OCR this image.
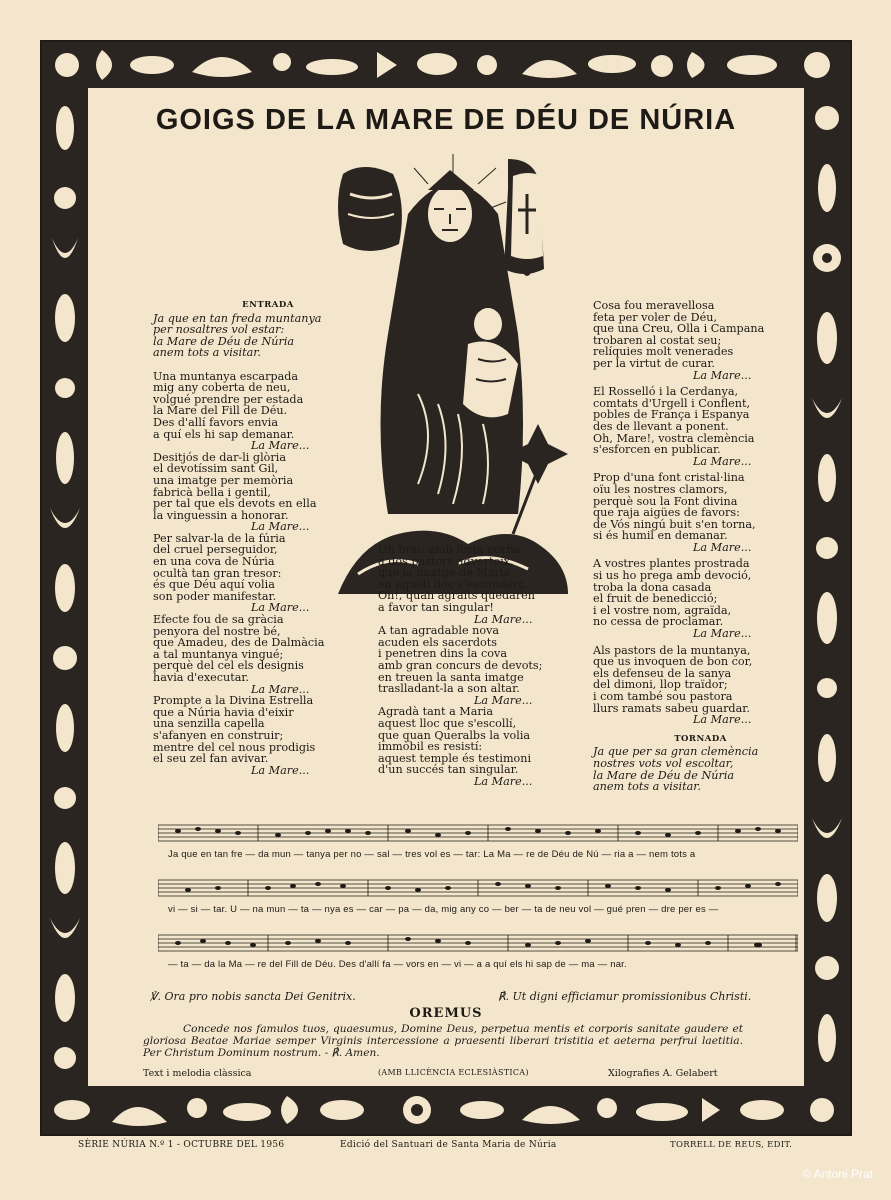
GOIGS DE LA MARE DE DÉU DE NÚRIA
ENTRADA
Ja que en tan freda muntanya
per nosaltres vol estar:
la Mare de Déu de Núria
anem tots a visitar.
Una muntanya escarpada
mig any coberta de neu,
volgué prendre per estada
la Mare del Fill de Déu.
Des d'allí favors envia
a quí els hi sap demanar.
La Mare...
Desitjós de dar-li glòria
el devotíssim sant Gil,
una imatge per memòria
fabricà bella i gentil,
per tal que els devots en ella
la vinguessin a honorar.
La Mare...
Per salvar-la de la fúria
del cruel perseguidor,
en una cova de Núria
ocultà tan gran tresor:
és que Déu aquí volia
son poder manifestar.
La Mare...
Efecte fou de sa gràcia
penyora del nostre bé,
que Amadeu, des de Dalmàcia
a tal muntanya vingué;
perquè del cel els designis
havia d'executar.
La Mare...
Prompte a la Divina Estrella
que a Núria havia d'eixir
una senzilla capella
s'afanyen en construir;
mentre del cel nous prodigis
el seu zel fan avivar.
La Mare...
Un brau amb forta porfia
a dos pastors adverteix,
que la imatge de Maria
en aquell lloc s'escondeix.
Oh!, quan agraïts quedaren
a favor tan singular!
La Mare...
A tan agradable nova
acuden els sacerdots
i penetren dins la cova
amb gran concurs de devots;
en treuen la santa imatge
traslladant-la a son altar.
La Mare...
Agradà tant a Maria
aquest lloc que s'escollí,
que quan Queralbs la volia
immòbil es resistí:
aquest temple és testimoni
d'un succés tan singular.
La Mare...
Cosa fou meravellosa
feta per voler de Déu,
que una Creu, Olla i Campana
trobaren al costat seu;
relíquies molt venerades
per la virtut de curar.
La Mare...
El Rosselló i la Cerdanya,
comtats d'Urgell i Conflent,
pobles de França i Espanya
des de llevant a ponent.
Oh, Mare!, vostra clemència
s'esforcen en publicar.
La Mare...
Prop d'una font cristal·lina
oïu les nostres clamors,
perquè sou la Font divina
que raja aigües de favors:
de Vós ningú buit s'en torna,
si és humil en demanar.
La Mare...
A vostres plantes prostrada
si us ho prega amb devoció,
troba la dona casada
el fruit de benedicció;
i el vostre nom, agraïda,
no cessa de proclamar.
La Mare...
Als pastors de la muntanya,
que us invoquen de bon cor,
els defenseu de la sanya
del dimoni, llop traïdor;
i com també sou pastora
llurs ramats sabeu guardar.
La Mare...
TORNADA
Ja que per sa gran clemència
nostres vots vol escoltar,
la Mare de Déu de Núria
anem tots a visitar.
Ja que en tan fre — da mun — tanya per no — sal — tres vol es — tar: La Ma — re de Déu de Nú — ria a — nem tots a
vi — si — tar. U — na mun — ta — nya es — car — pa — da, mig any co — ber — ta de neu vol — gué pren — dre per es —
— ta — da la Ma — re del Fill de Déu. Des d'allí fa — vors en — vi — a a quí els hi sap de — ma — nar.
℣. Ora pro nobis sancta Dei Genitrix.	℟. Ut digni efficiamur promissionibus Christi.
OREMUS

Concede nos famulos tuos, quaesumus, Domine Deus, perpetua mentis et corporis sanitate gaudere et gloriosa Beatae Mariae semper Virginis intercessione a praesenti liberari tristitia et aeterna perfrui laetitia. Per Christum Dominum nostrum. - ℟. Amen.

Text i melodia clàssica	(AMB LLICÈNCIA ECLESIÀSTICA)	Xilografies A. Gelabert
SÈRIE NÚRIA N.º 1 - OCTUBRE DEL 1956	Edició del Santuari de Santa Maria de Núria	TORRELL DE REUS, EDIT.
© Antoni Prat
